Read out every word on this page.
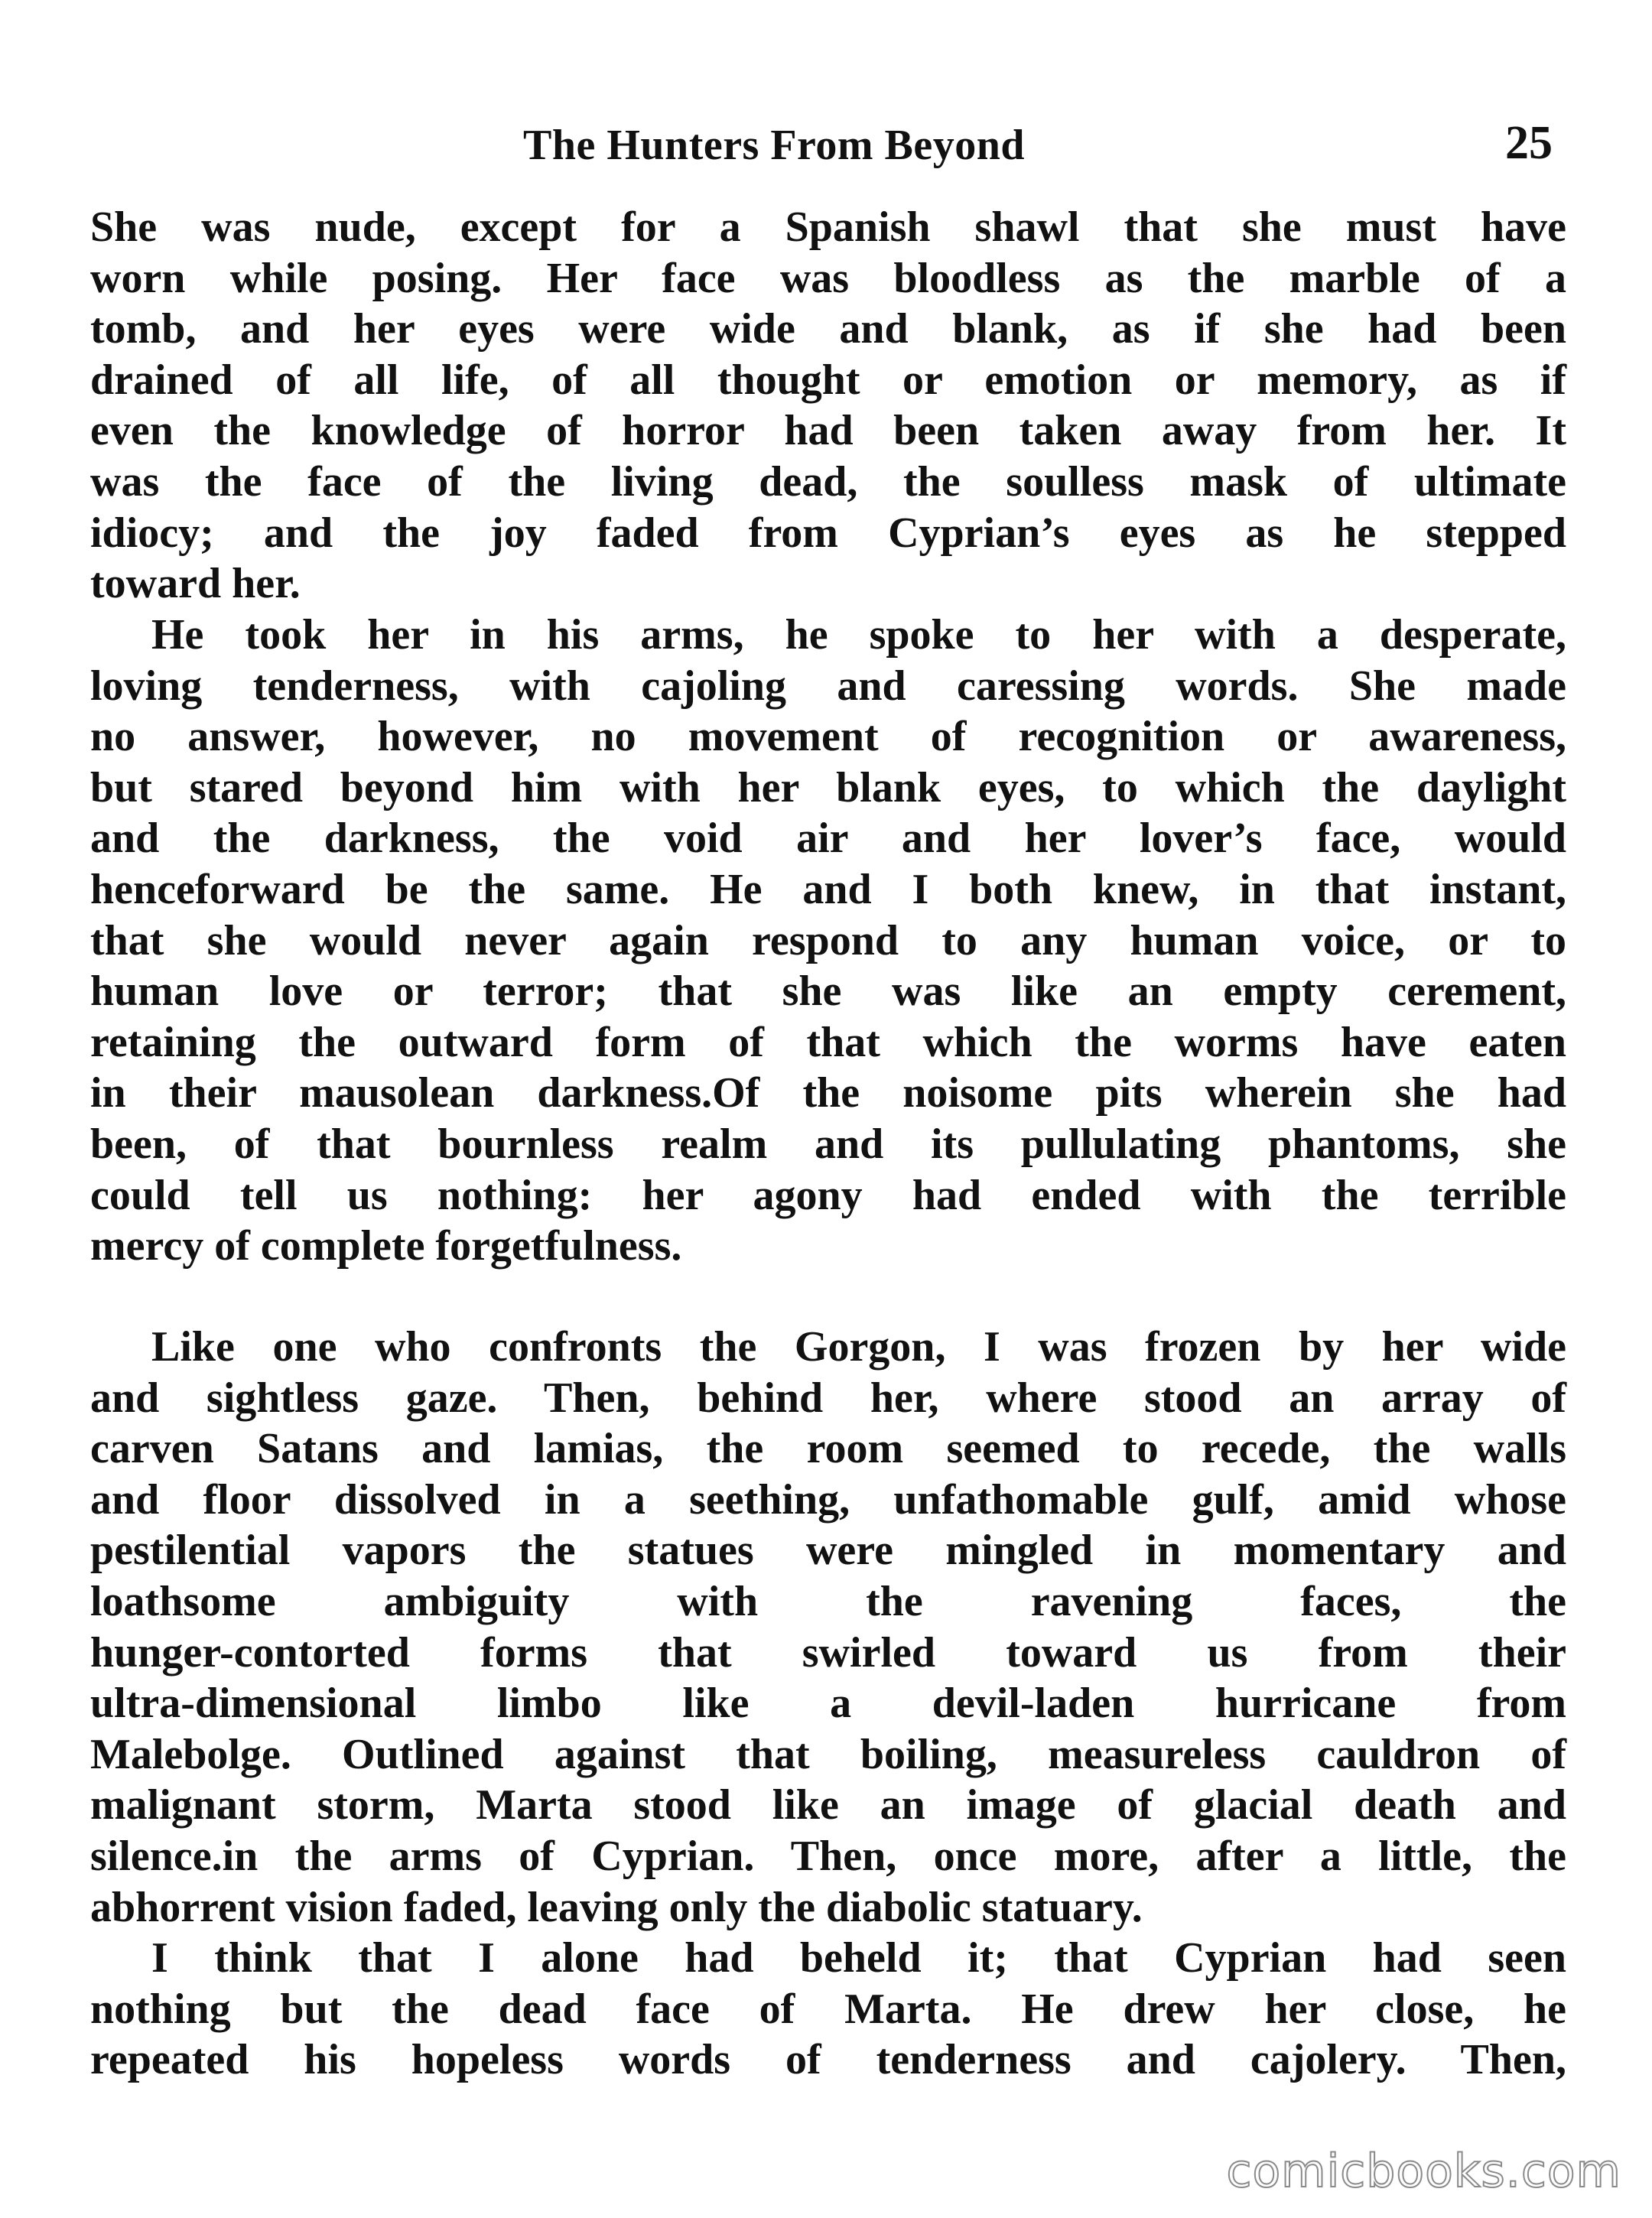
The Hunters From Beyond	25
She was nude, except for a Spanish shawl that she must have
worn while posing. Her face was bloodless as the marble of a
tomb, and her eyes were wide and blank, as if she had been
drained of all life, of all thought or emotion or memory, as if
even the knowledge of horror had been taken away from her. It
was the face of the living dead, the soulless mask of ultimate
idiocy; and the joy faded from Cyprian’s eyes as he stepped
toward her.
He took her in his arms, he spoke to her with a desperate,
loving tenderness, with cajoling and caressing words. She made
no answer, however, no movement of recognition or awareness,
but stared beyond him with her blank eyes, to which the daylight
and the darkness, the void air and her lover’s face, would
henceforward be the same. He and I both knew, in that instant,
that she would never again respond to any human voice, or to
human love or terror; that she was like an empty cerement,
retaining the outward form of that which the worms have eaten
in their mausolean darkness.Of the noisome pits wherein she had
been, of that bournless realm and its pullulating phantoms, she
could tell us nothing: her agony had ended with the terrible
mercy of complete forgetfulness.
Like one who confronts the Gorgon, I was frozen by her wide
and sightless gaze. Then, behind her, where stood an array of
carven Satans and lamias, the room seemed to recede, the walls
and floor dissolved in a seething, unfathomable gulf, amid whose
pestilential vapors the statues were mingled in momentary and
loathsome ambiguity with the ravening faces, the
hunger-contorted forms that swirled toward us from their
ultra-dimensional limbo like a devil-laden hurricane from
Malebolge. Outlined against that boiling, measureless cauldron of
malignant storm, Marta stood like an image of glacial death and
silence.in the arms of Cyprian. Then, once more, after a little, the
abhorrent vision faded, leaving only the diabolic statuary.
I think that I alone had beheld it; that Cyprian had seen
nothing but the dead face of Marta. He drew her close, he
repeated his hopeless words of tenderness and cajolery. Then,
comicbooks.com
